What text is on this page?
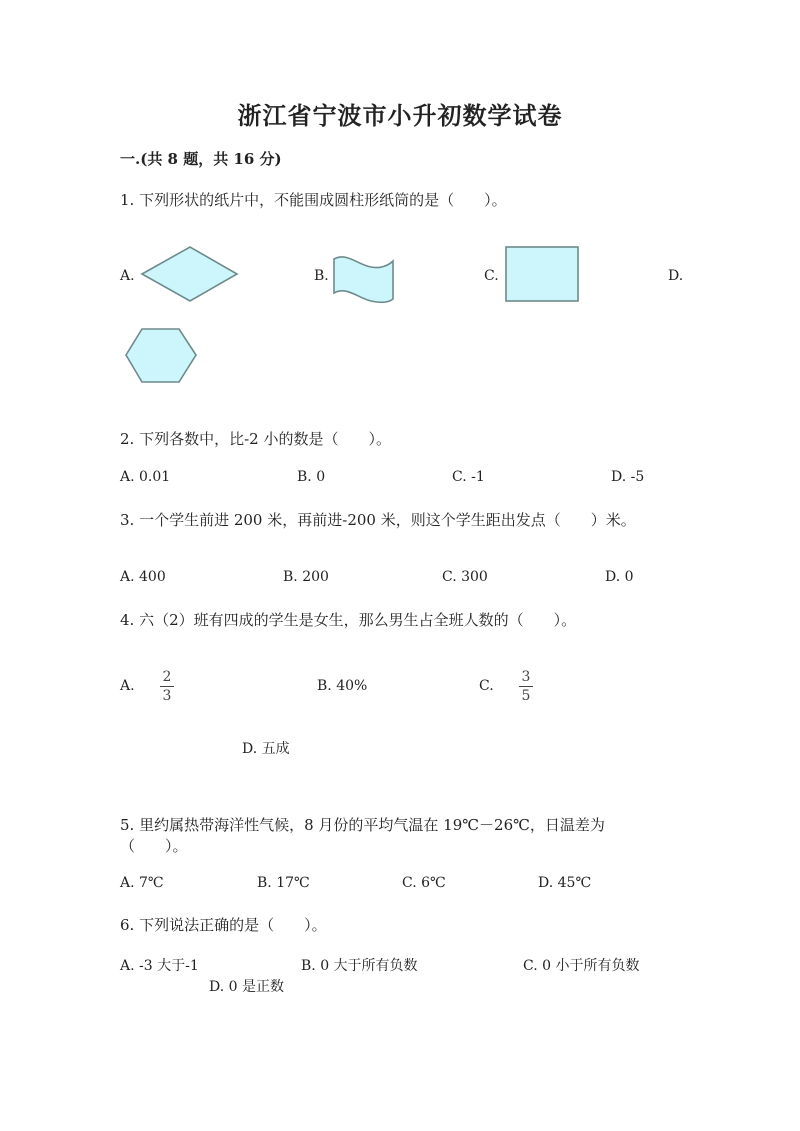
浙江省宁波市小升初数学试卷
一.(共 8 题，共 16 分)
1. 下列形状的纸片中，不能围成圆柱形纸筒的是（　　）。
A.	B.	C.	D.
2. 下列各数中，比-2 小的数是（　　）。
A. 0.01	B. 0	C. -1	D. -5
3. 一个学生前进 200 米，再前进-200 米，则这个学生距出发点（　　）米。
A. 400	B. 200	C. 300	D. 0
4. 六（2）班有四成的学生是女生，那么男生占全班人数的（　　）。
A.
2
3
B. 40%	C.
3
5
D. 五成
5. 里约属热带海洋性气候，8 月份的平均气温在 19℃－26℃，日温差为
（　　）。
A. 7℃	B. 17℃	C. 6℃	D. 45℃
6. 下列说法正确的是（　　）。
A. -3 大于-1	B. 0 大于所有负数	C. 0 小于所有负数
D. 0 是正数
